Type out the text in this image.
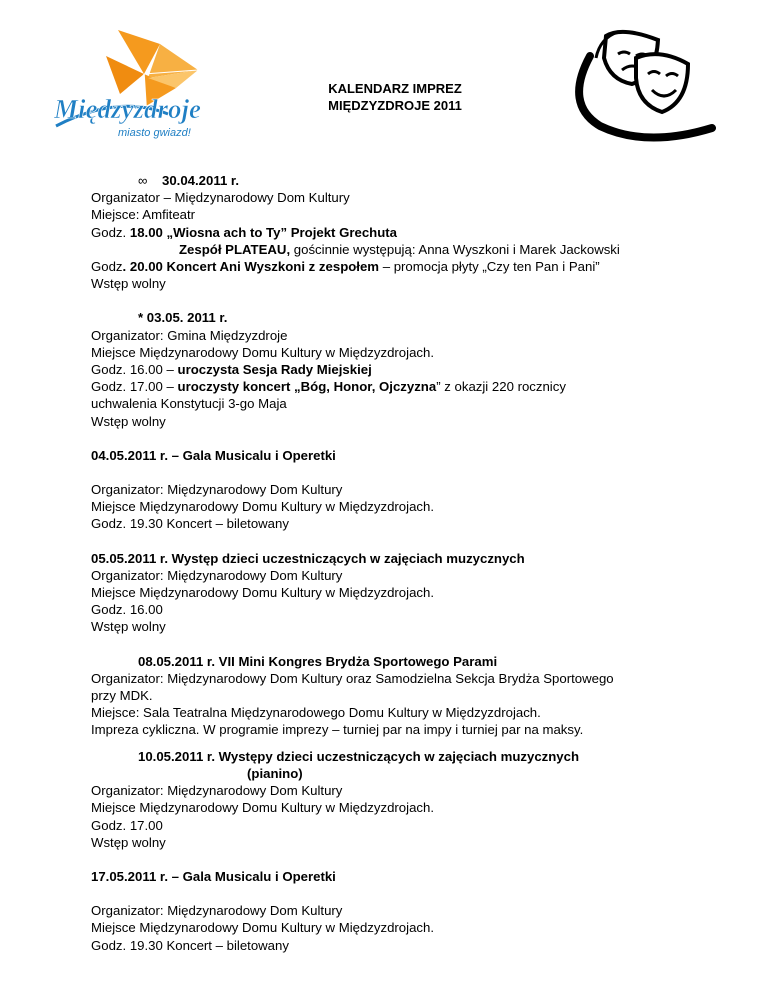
Międzyzdroje
miasto gwiazd!
KALENDARZ IMPREZ
MIĘDZYZDROJE 2011
∞ 30.04.2011 r.
Organizator – Międzynarodowy Dom Kultury
Miejsce: Amfiteatr
Godz. 18.00 „Wiosna ach to Ty” Projekt Grechuta
Zespół PLATEAU, gościnnie występują: Anna Wyszkoni i Marek Jackowski
Godz. 20.00 Koncert Ani Wyszkoni z zespołem – promocja płyty „Czy ten Pan i Pani”
Wstęp wolny
* 03.05. 2011 r.
Organizator: Gmina Międzyzdroje
Miejsce Międzynarodowy Domu Kultury w Międzyzdrojach.
Godz. 16.00 – uroczysta Sesja Rady Miejskiej
Godz. 17.00 – uroczysty koncert „Bóg, Honor, Ojczyzna” z okazji 220 rocznicy
uchwalenia Konstytucji 3-go Maja
Wstęp wolny
04.05.2011 r. – Gala Musicalu i Operetki
Organizator: Międzynarodowy Dom Kultury
Miejsce Międzynarodowy Domu Kultury w Międzyzdrojach.
Godz. 19.30 Koncert – biletowany
05.05.2011 r. Występ dzieci uczestniczących w zajęciach muzycznych
Organizator: Międzynarodowy Dom Kultury
Miejsce Międzynarodowy Domu Kultury w Międzyzdrojach.
Godz. 16.00
Wstęp wolny
08.05.2011 r. VII Mini Kongres Brydża Sportowego Parami
Organizator: Międzynarodowy Dom Kultury oraz Samodzielna Sekcja Brydża Sportowego
przy MDK.
Miejsce: Sala Teatralna Międzynarodowego Domu Kultury w Międzyzdrojach.
Impreza cykliczna. W programie imprezy – turniej par na impy i turniej par na maksy.
10.05.2011 r. Występy dzieci uczestniczących w zajęciach muzycznych
(pianino)
Organizator: Międzynarodowy Dom Kultury
Miejsce Międzynarodowy Domu Kultury w Międzyzdrojach.
Godz. 17.00
Wstęp wolny
17.05.2011 r. – Gala Musicalu i Operetki
Organizator: Międzynarodowy Dom Kultury
Miejsce Międzynarodowy Domu Kultury w Międzyzdrojach.
Godz. 19.30 Koncert – biletowany
